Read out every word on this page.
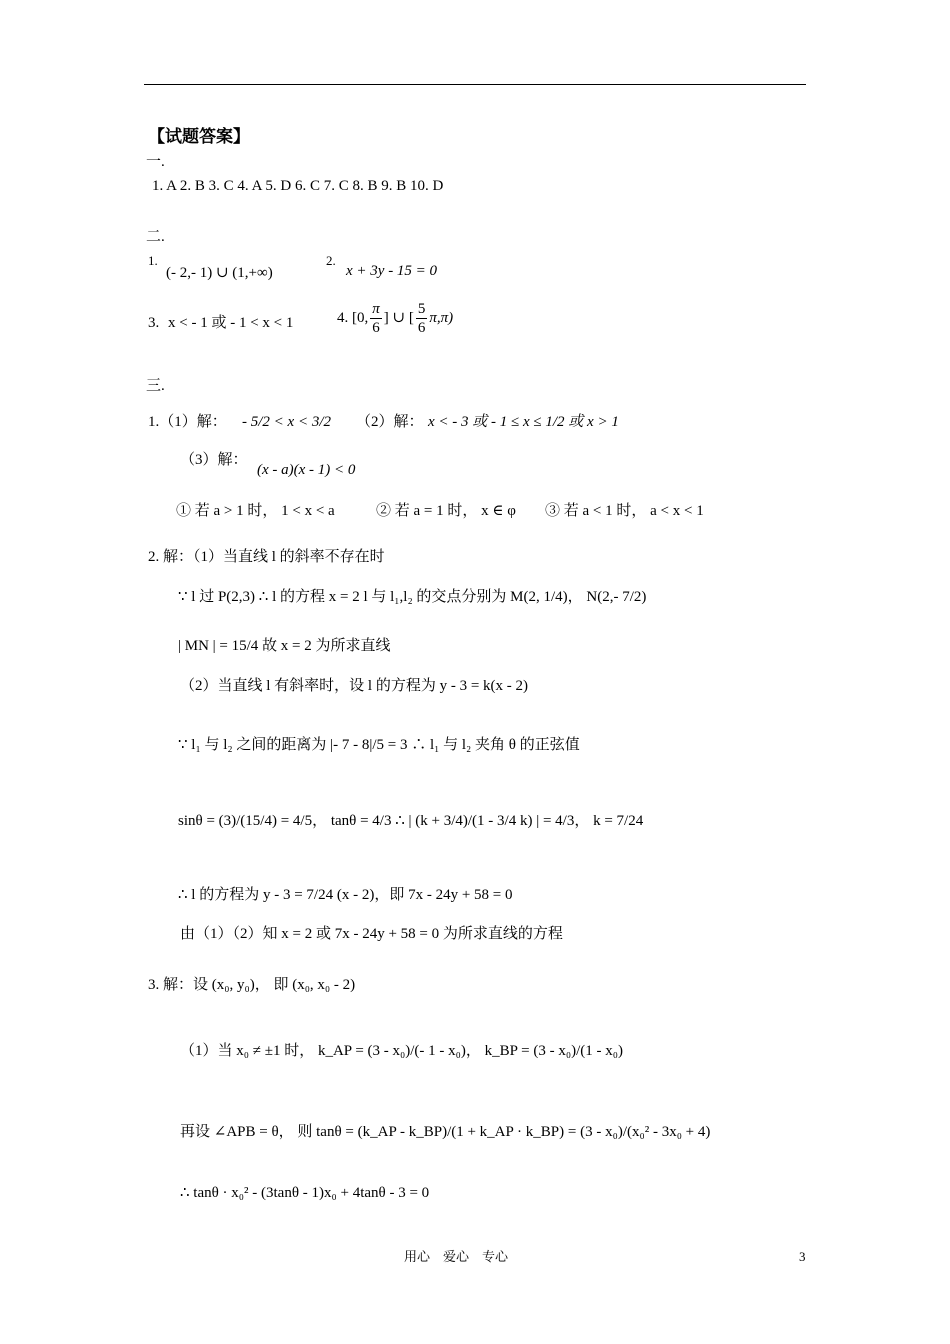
【试题答案】
一.
1. A 2. B 3. C 4. A 5. D 6. C 7. C 8. B 9. B 10. D
二.
1.
(- 2,- 1) ∪ (1,+∞)
2.
x + 3y - 15 = 0
3. x < - 1 或 - 1 < x < 1	4. [0, $\frac{\pi}{6}$ ] ∪ [ $\frac{5}{6} \pi,\pi$)
三.
1.（1）解： - 5/2 < x < 3/2 （2）解： x < - 3 或 - 1 ≤ x ≤ 1/2 或 x > 1
（3）解：
(x - a)(x - 1) < 0
① 若 a > 1 时， 1 < x < a	② 若 a = 1 时， x ∈ φ ③ 若 a < 1 时， a < x < 1
2. 解：（1）当直线 l 的斜率不存在时
∵ l 过 P(2,3) ∴ l 的方程 x = 2 l 与 l₁,l₂ 的交点分别为 M(2, 1/4)， N(2,- 7/2)
| MN | = 15/4 故 x = 2 为所求直线
（2）当直线 l 有斜率时，设 l 的方程为 y - 3 = k(x - 2)
∵ l₁ 与 l₂ 之间的距离为 |- 7 - 8|/5 = 3 ∴ l₁ 与 l₂ 夹角 θ 的正弦值
sinθ = (3)/(15/4) = 4/5， tanθ = 4/3 ∴ | (k + 3/4)/(1 - 3/4 k) | = 4/3， k = 7/24
∴ l 的方程为 y - 3 = 7/24 (x - 2)，即 7x - 24y + 58 = 0
由（1）（2）知 x = 2 或 7x - 24y + 58 = 0 为所求直线的方程
3. 解：设 (x₀, y₀)， 即 (x₀, x₀ - 2)
（1）当 x₀ ≠ ±1 时， k_AP = (3 - x₀)/(- 1 - x₀)， k_BP = (3 - x₀)/(1 - x₀)
再设 ∠APB = θ， 则 tanθ = (k_AP - k_BP)/(1 + k_AP · k_BP) = (3 - x₀)/(x₀² - 3x₀ + 4)
∴ tanθ · x₀² - (3tanθ - 1)x₀ + 4tanθ - 3 = 0
用心　爱心　专心	3
